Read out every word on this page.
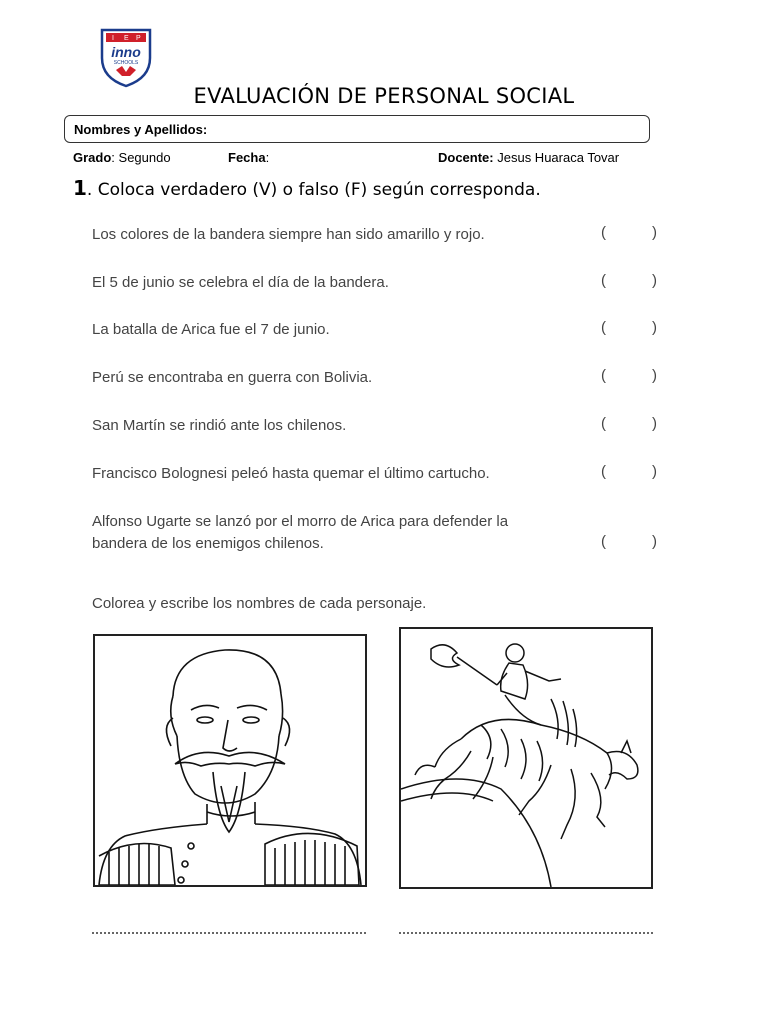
I E P
inno
SCHOOLS
EVALUACIÓN DE PERSONAL SOCIAL
Nombres y Apellidos:
Grado: Segundo	Fecha:	Docente: Jesus Huaraca Tovar
1. Coloca verdadero (V) o falso (F) según corresponda.
Los colores de la bandera siempre han sido amarillo y rojo.	(	)
El 5 de junio se celebra el día de la bandera.	(	)
La batalla de Arica fue el 7 de junio.	(	)
Perú se encontraba en guerra con Bolivia.	(	)
San Martín se rindió ante los chilenos.	(	)
Francisco Bolognesi peleó hasta quemar el último cartucho.	(	)
Alfonso Ugarte se lanzó por el morro de Arica para defender la
bandera de los enemigos chilenos.	(	)
Colorea y escribe los nombres de cada personaje.
